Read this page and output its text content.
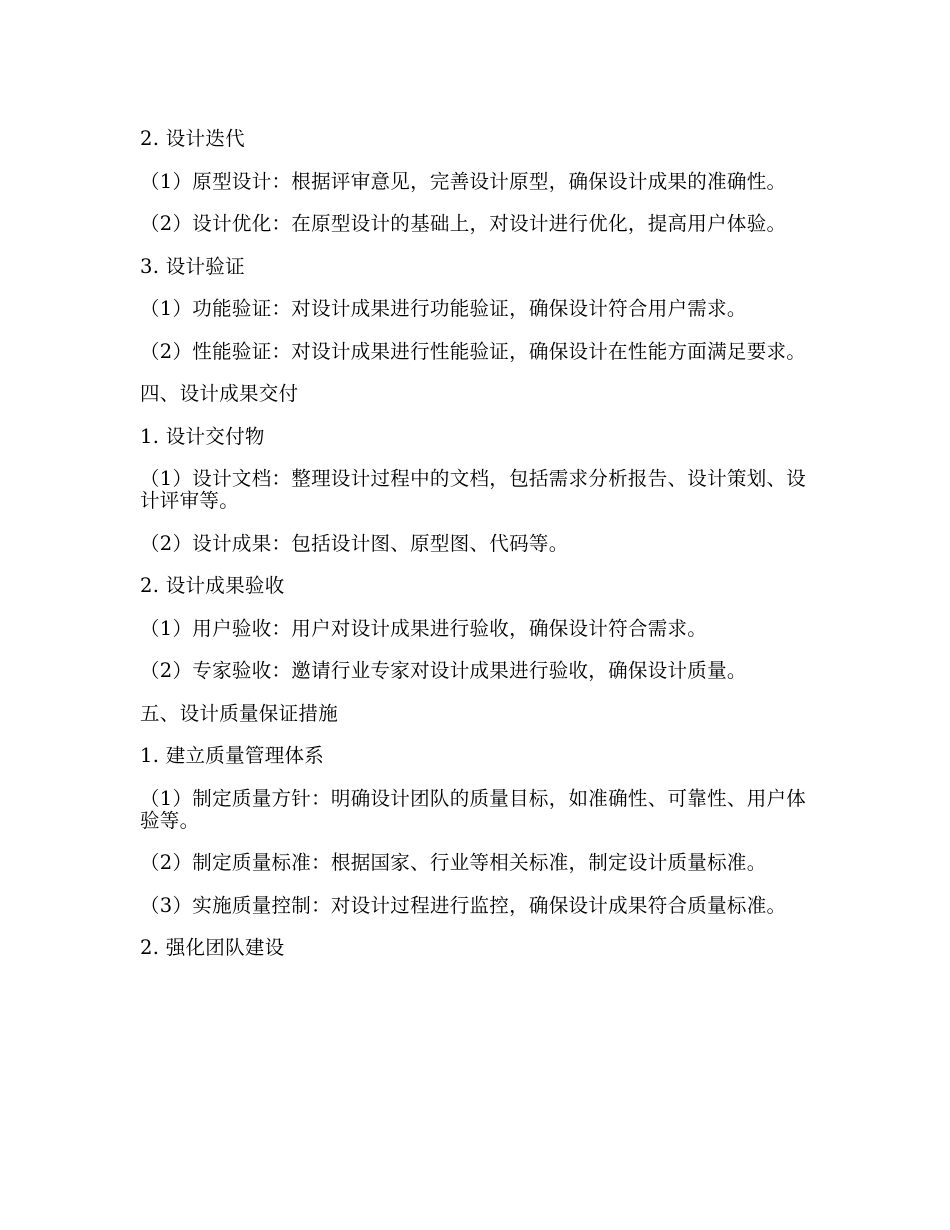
2. 设计迭代

（1）原型设计：根据评审意见，完善设计原型，确保设计成果的准确性。

（2）设计优化：在原型设计的基础上，对设计进行优化，提高用户体验。

3. 设计验证

（1）功能验证：对设计成果进行功能验证，确保设计符合用户需求。

（2）性能验证：对设计成果进行性能验证，确保设计在性能方面满足要求。

四、设计成果交付

1. 设计交付物

（1）设计文档：整理设计过程中的文档，包括需求分析报告、设计策划、设计评审等。

（2）设计成果：包括设计图、原型图、代码等。

2. 设计成果验收

（1）用户验收：用户对设计成果进行验收，确保设计符合需求。

（2）专家验收：邀请行业专家对设计成果进行验收，确保设计质量。

五、设计质量保证措施

1. 建立质量管理体系

（1）制定质量方针：明确设计团队的质量目标，如准确性、可靠性、用户体验等。

（2）制定质量标准：根据国家、行业等相关标准，制定设计质量标准。

（3）实施质量控制：对设计过程进行监控，确保设计成果符合质量标准。

2. 强化团队建设
